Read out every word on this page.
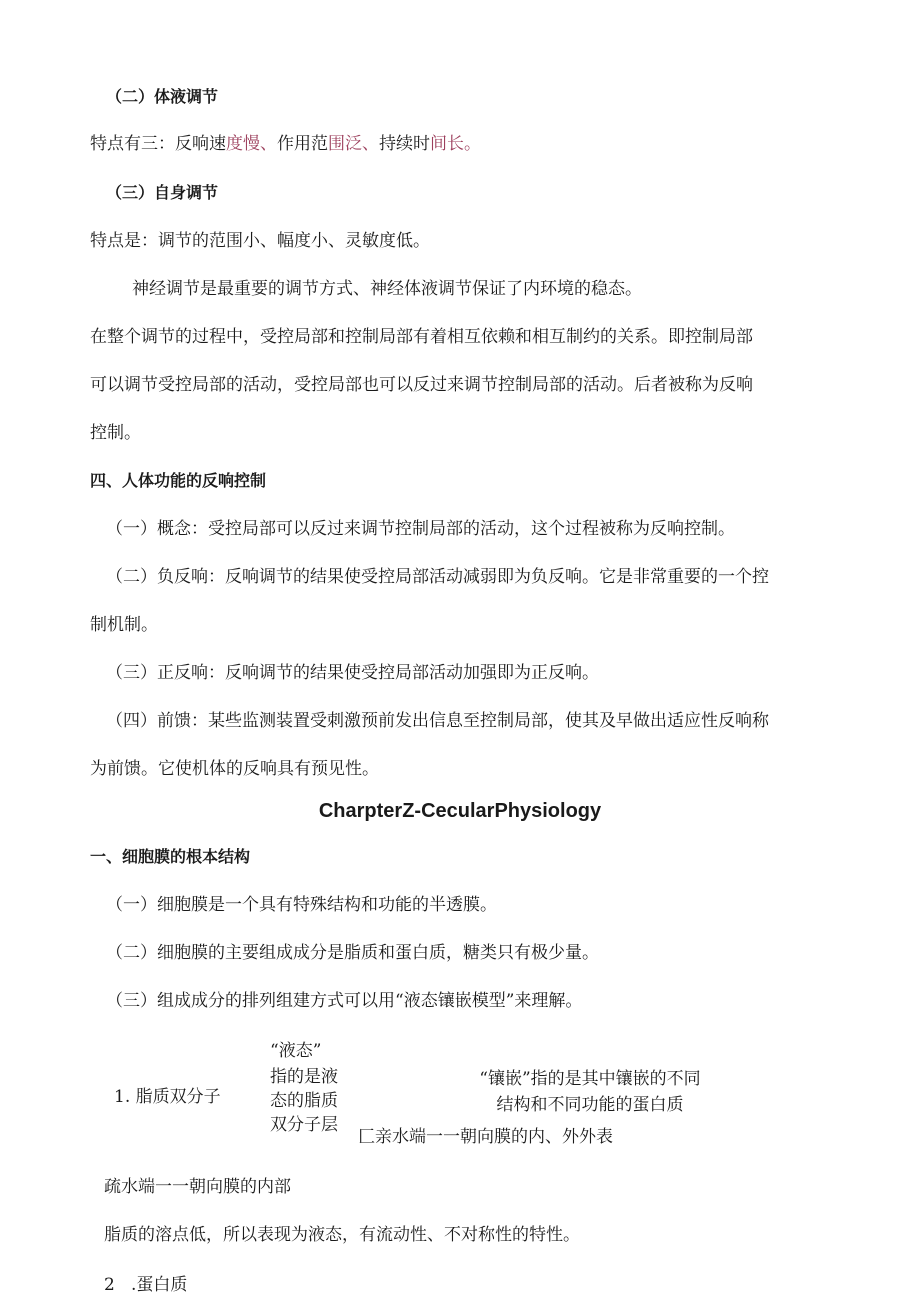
（二）体液调节
特点有三：反响速度慢、作用范围泛、持续时间长。
（三）自身调节
特点是：调节的范围小、幅度小、灵敏度低。
神经调节是最重要的调节方式、神经体液调节保证了内环境的稳态。
在整个调节的过程中，受控局部和控制局部有着相互依赖和相互制约的关系。即控制局部
可以调节受控局部的活动，受控局部也可以反过来调节控制局部的活动。后者被称为反响
控制。
四、人体功能的反响控制
（一）概念：受控局部可以反过来调节控制局部的活动，这个过程被称为反响控制。
（二）负反响：反响调节的结果使受控局部活动减弱即为负反响。它是非常重要的一个控
制机制。
（三）正反响：反响调节的结果使受控局部活动加强即为正反响。
（四）前馈：某些监测装置受刺激预前发出信息至控制局部，使其及早做出适应性反响称
为前馈。它使机体的反响具有预见性。
CharpterZ-CecularPhysiology
一、细胞膜的根本结构
（一）细胞膜是一个具有特殊结构和功能的半透膜。
（二）细胞膜的主要组成成分是脂质和蛋白质，糖类只有极少量。
（三）组成成分的排列组建方式可以用“液态镶嵌模型”来理解。
“液态”
指的是液
态的脂质
双分子层
1. 脂质双分子
“镶嵌”指的是其中镶嵌的不同
结构和不同功能的蛋白质
匚亲水端一一朝向膜的内、外外表
疏水端一一朝向膜的内部
脂质的溶点低，所以表现为液态，有流动性、不对称性的特性。
2   .蛋白质
